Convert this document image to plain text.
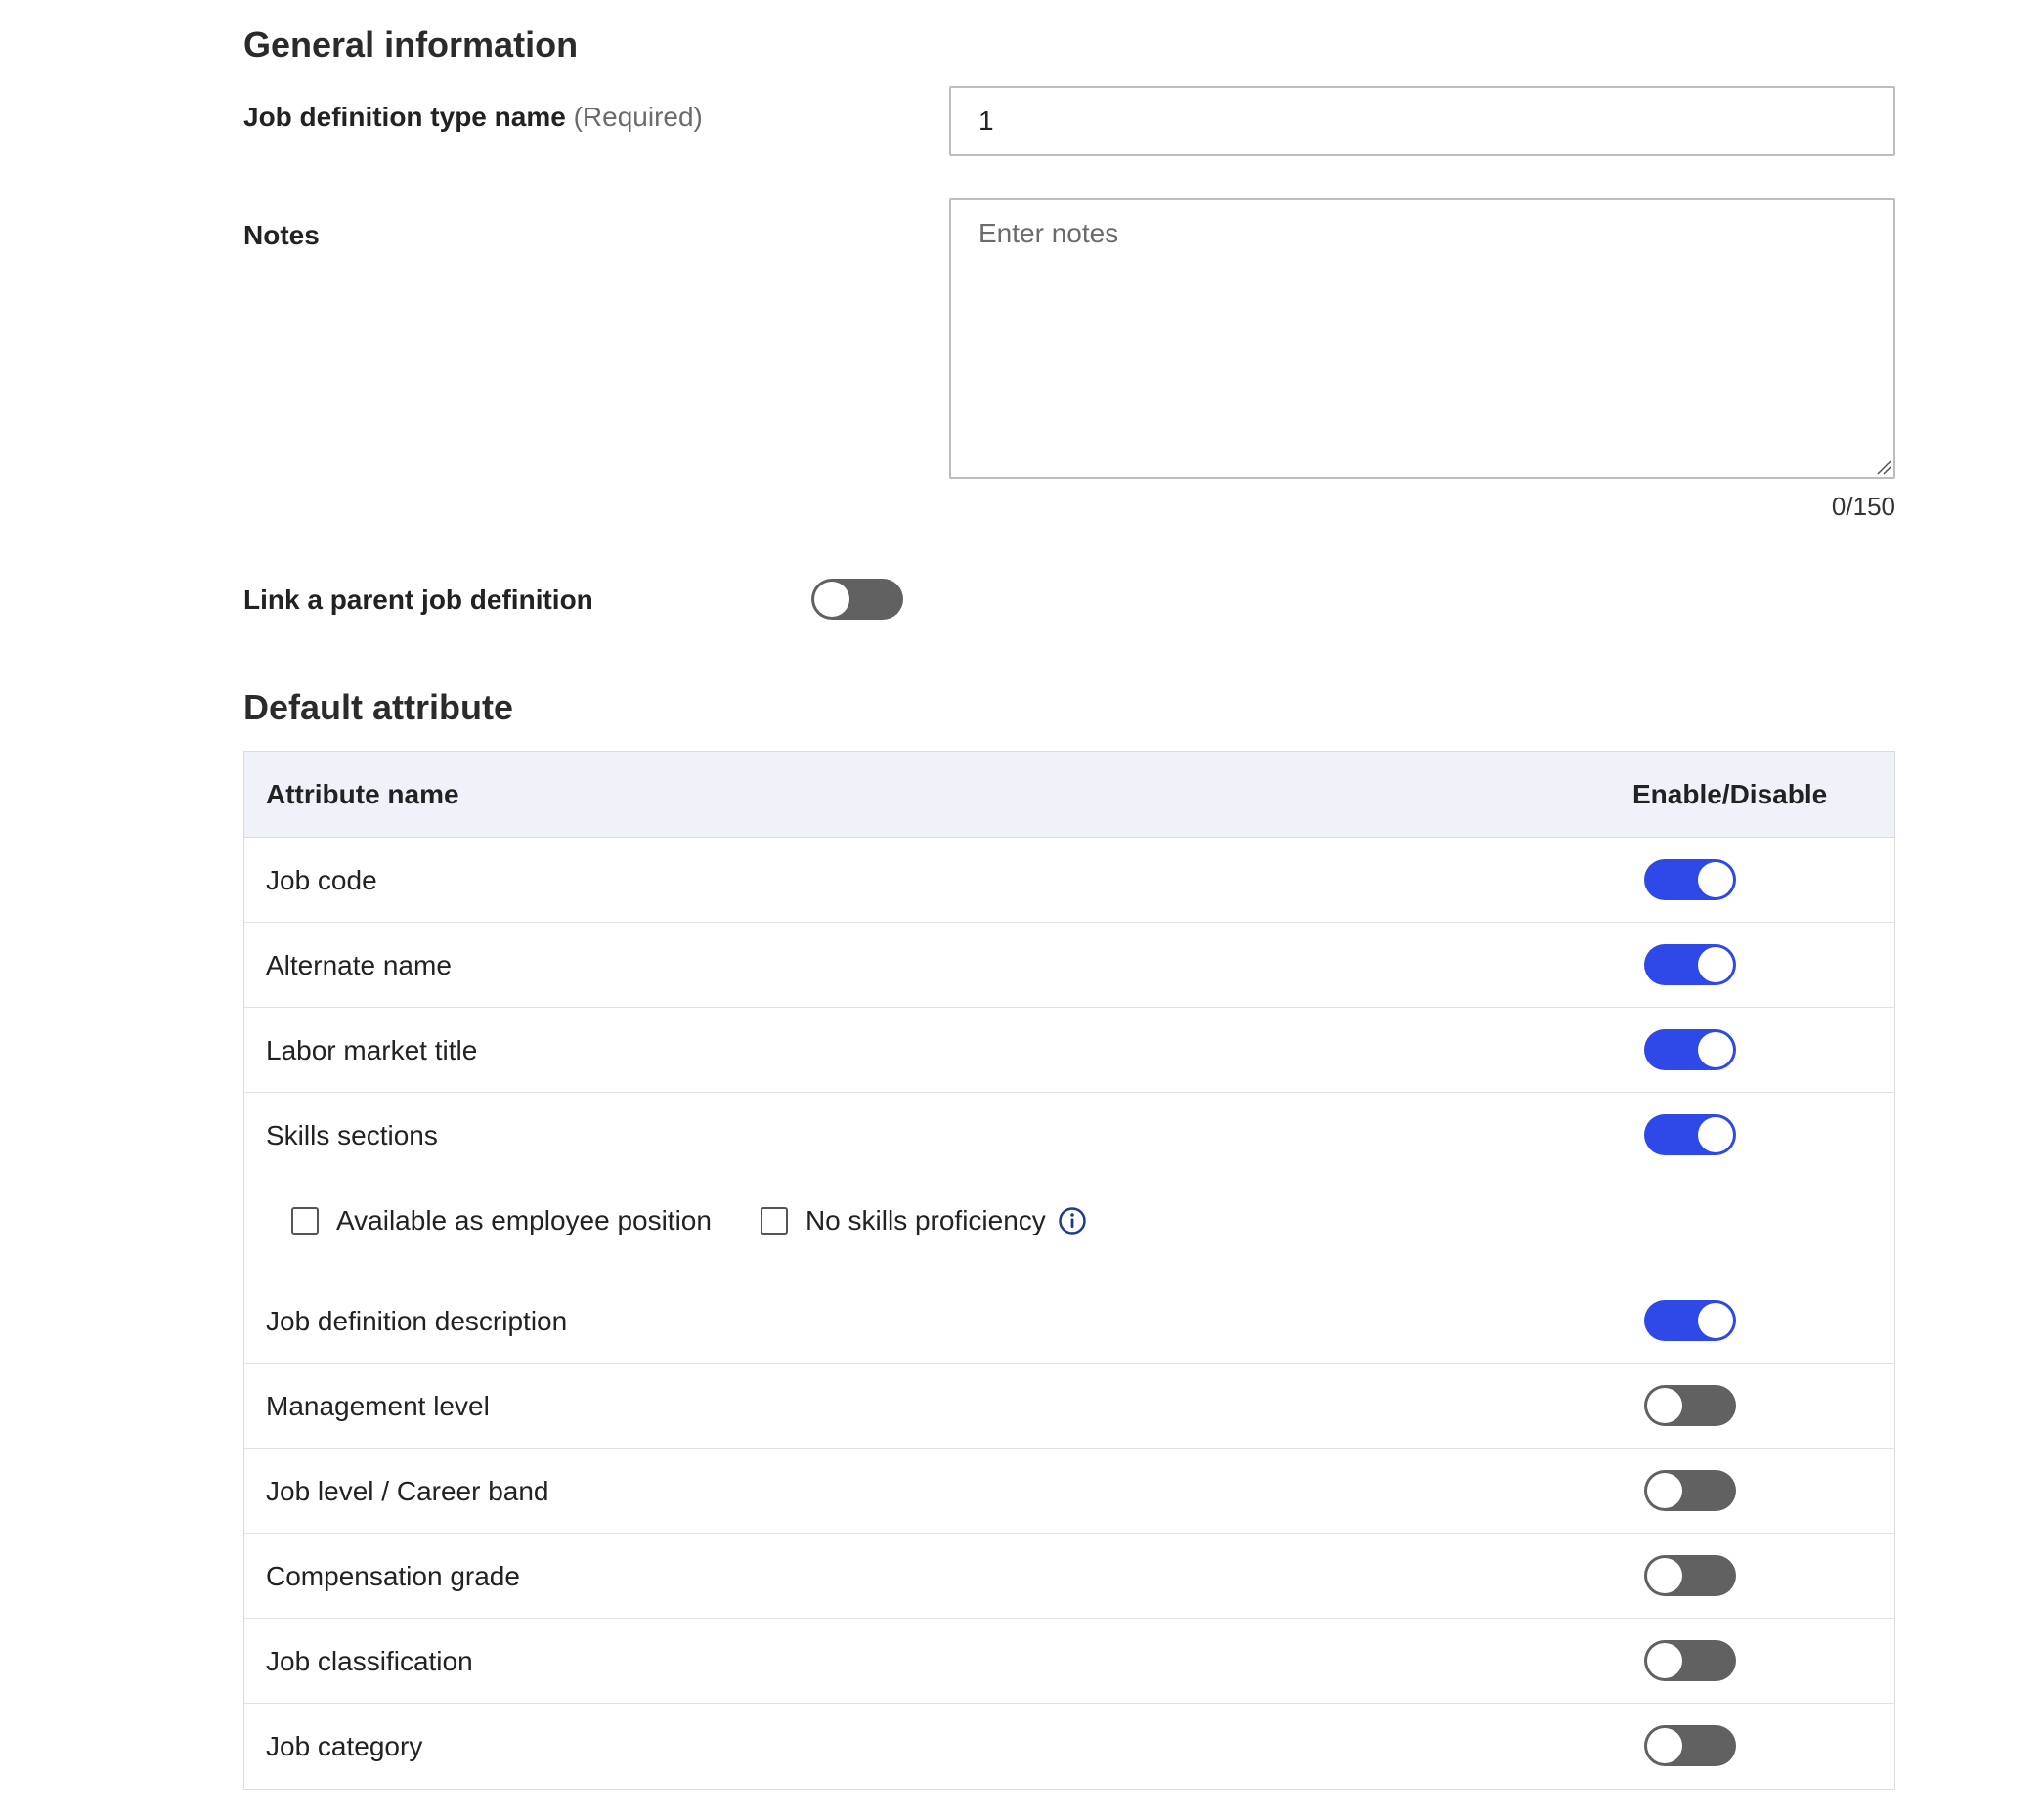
General information
Job definition type name (Required)
1
Notes
Enter notes
0/150
Link a parent job definition
Default attribute
Attribute name	Enable/Disable
Job code
Alternate name
Labor market title
Skills sections
Available as employee position	No skills proficiency
Job definition description
Management level
Job level / Career band
Compensation grade
Job classification
Job category
